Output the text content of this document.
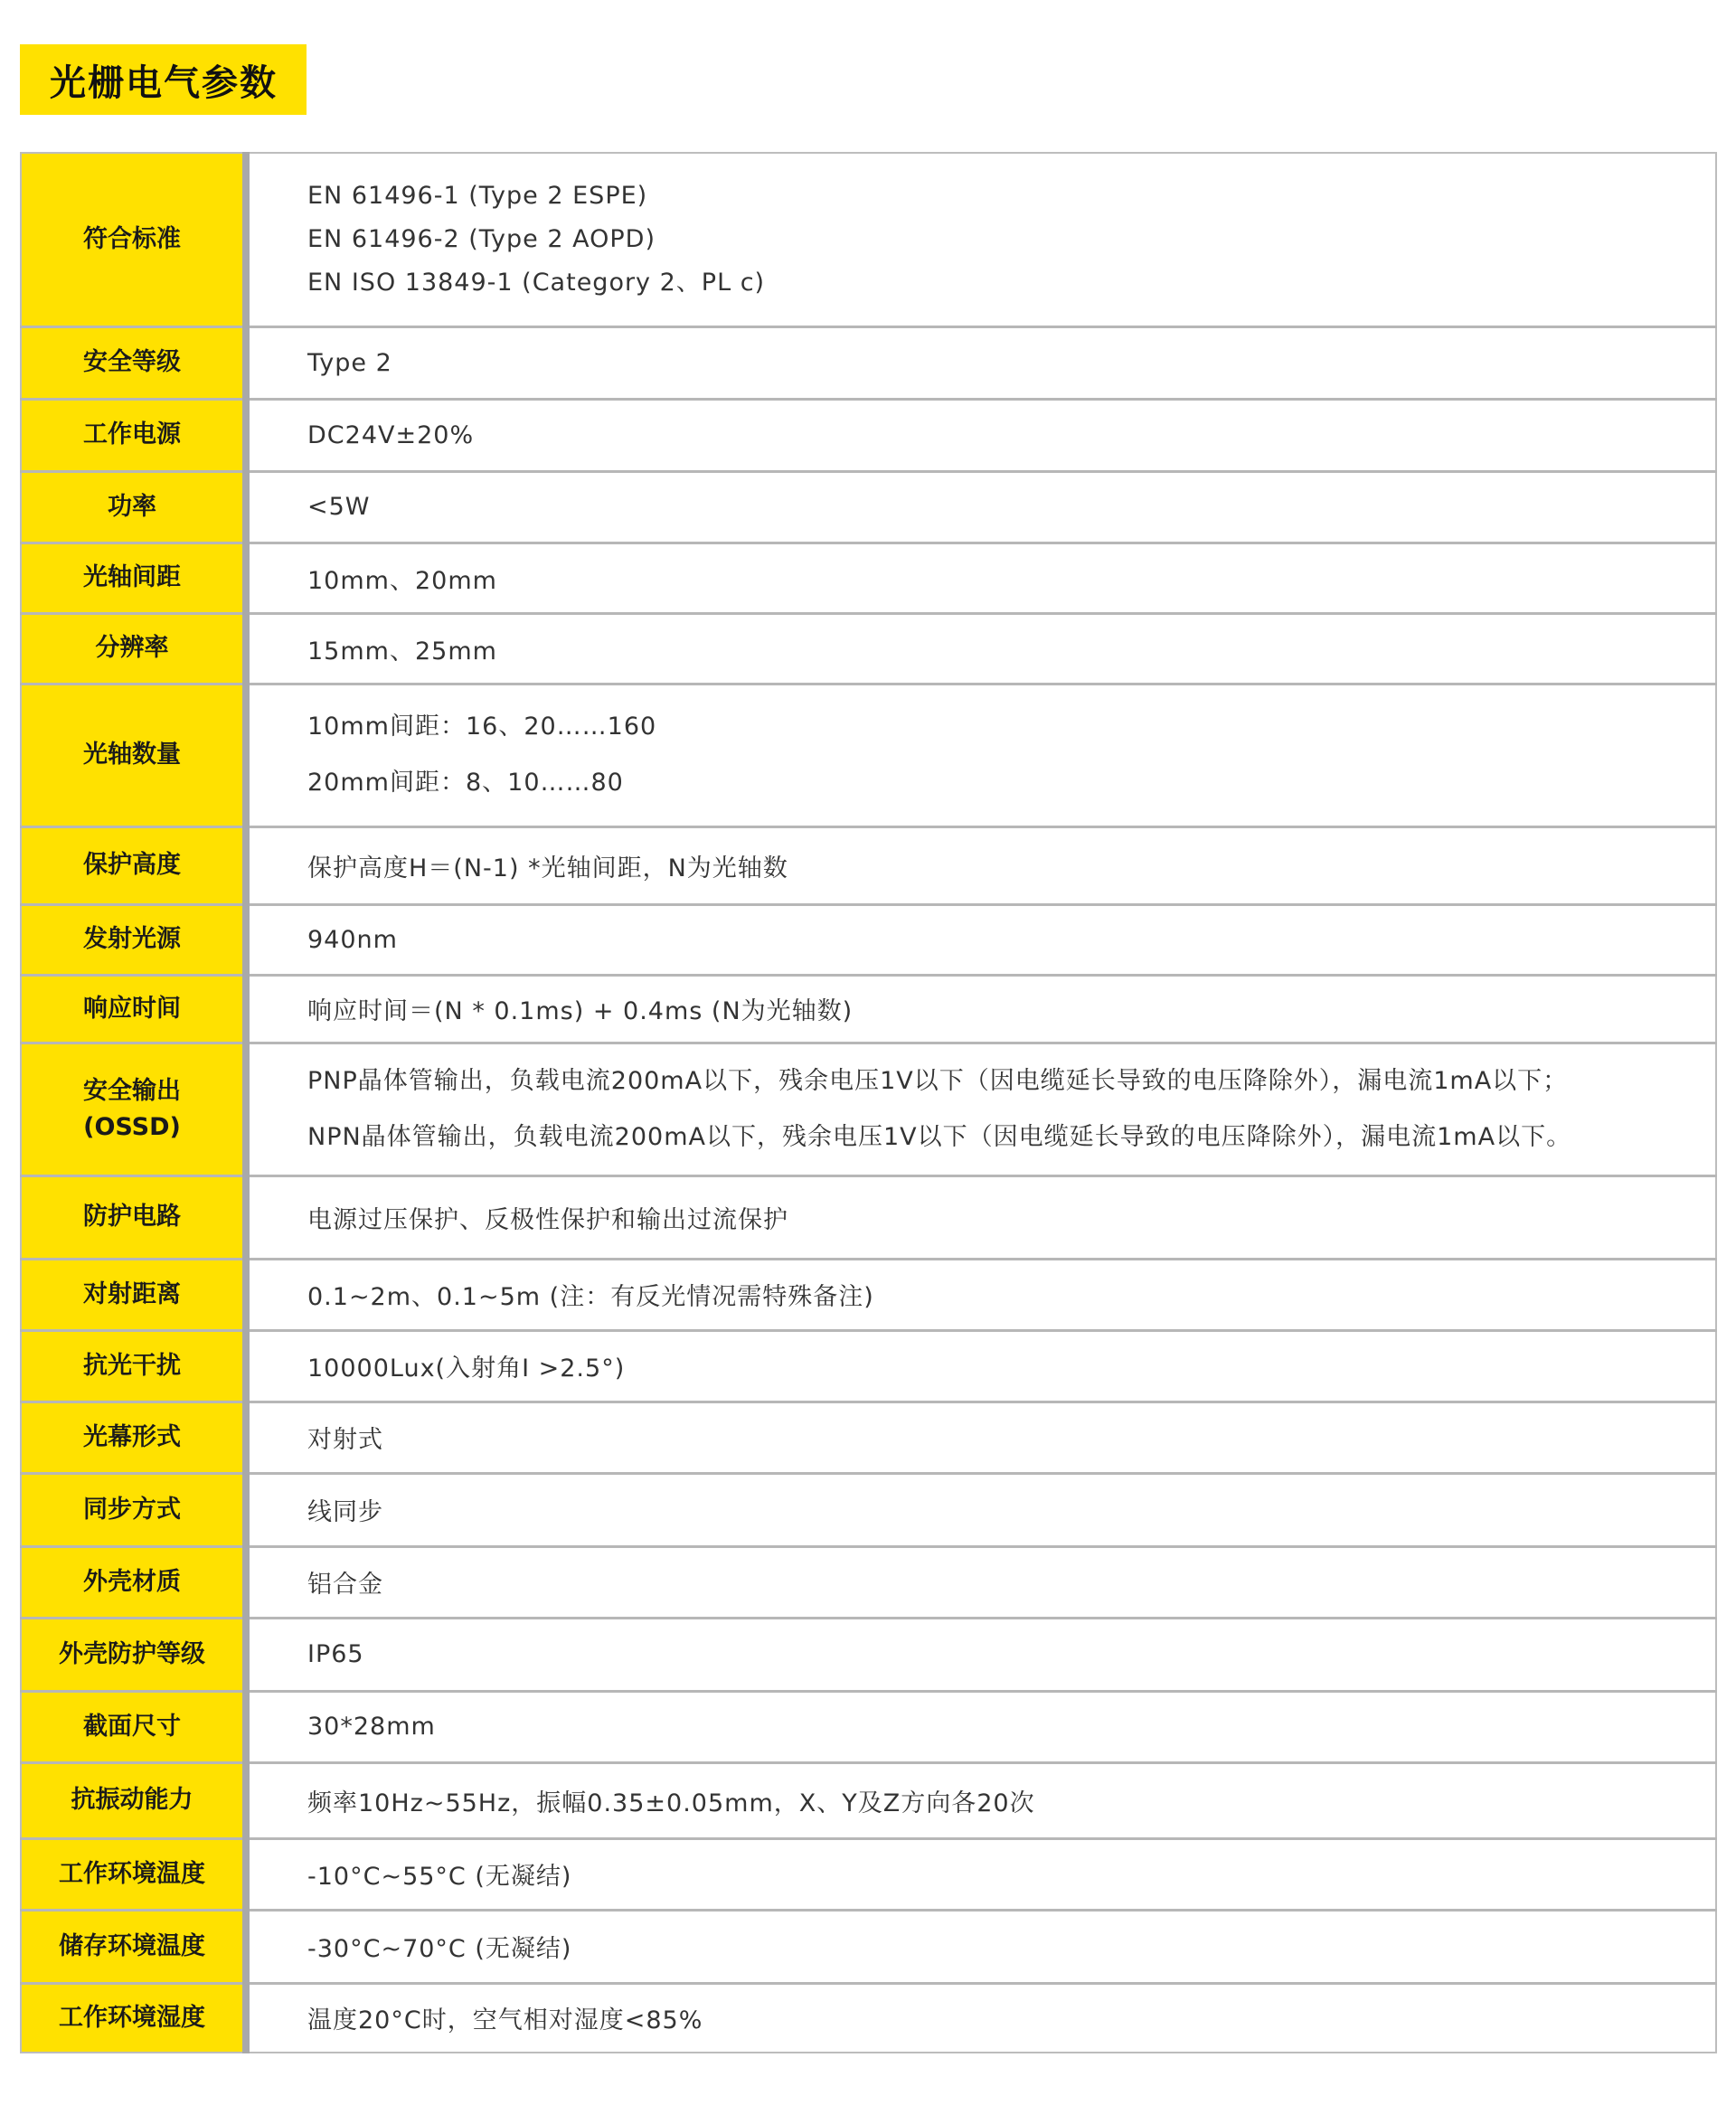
光栅电气参数
符合标准	EN 61496-1 (Type 2 ESPE)
EN 61496-2 (Type 2 AOPD)
EN ISO 13849-1 (Category 2、PL c)

安全等级	Type 2

工作电源	DC24V±20%

功率	<5W

光轴间距	10mm、20mm

分辨率	15mm、25mm

光轴数量	10mm间距：16、20……160
20mm间距：8、10……80

保护高度	保护高度H＝(N-1) *光轴间距，N为光轴数

发射光源	940nm

响应时间	响应时间＝(N * 0.1ms) + 0.4ms (N为光轴数)

安全输出
(OSSD)	PNP晶体管输出，负载电流200mA以下，残余电压1V以下（因电缆延长导致的电压降除外），漏电流1mA以下；
NPN晶体管输出，负载电流200mA以下，残余电压1V以下（因电缆延长导致的电压降除外），漏电流1mA以下。

防护电路	电源过压保护、反极性保护和输出过流保护

对射距离	0.1~2m、0.1~5m (注：有反光情况需特殊备注)

抗光干扰	10000Lux(入射角I >2.5°)

光幕形式	对射式

同步方式	线同步

外壳材质	铝合金

外壳防护等级	IP65

截面尺寸	30*28mm

抗振动能力	频率10Hz~55Hz，振幅0.35±0.05mm，X、Y及Z方向各20次

工作环境温度	-10°C~55°C (无凝结)

储存环境温度	-30°C~70°C (无凝结)

工作环境湿度	温度20°C时，空气相对湿度<85%
